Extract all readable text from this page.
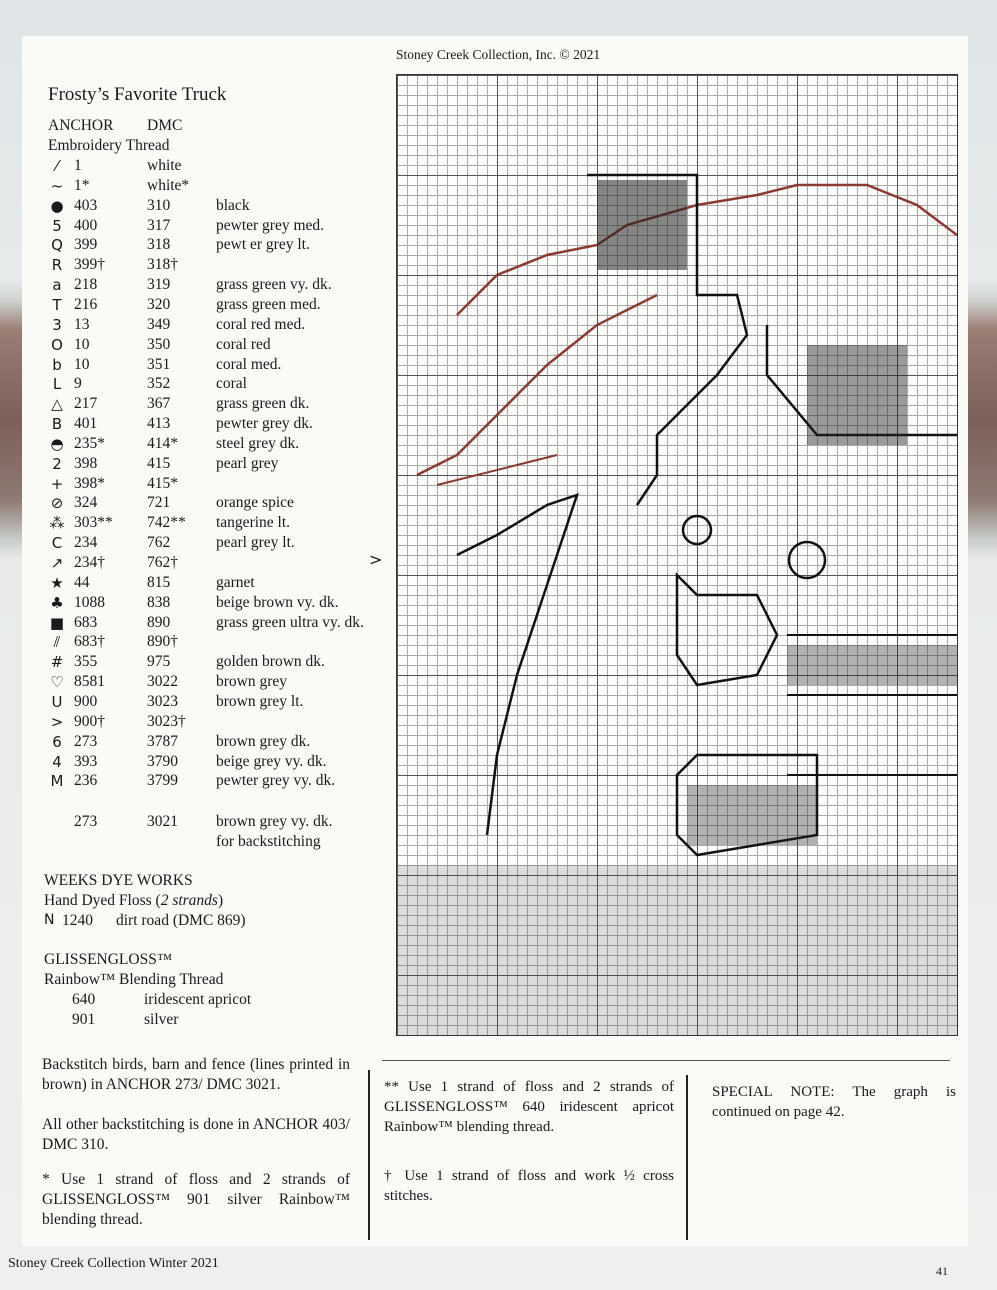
Stoney Creek Collection, Inc. © 2021
Frosty’s Favorite Truck
ANCHOR DMC
Embroidery Thread
⁄	1	white
~ 1*	white*
● 403	310	black
5 400	317	pewter grey med.
Q 399	318	pewt er grey lt.
R 399†	318†
a 218	319	grass green vy. dk.
T 216	320	grass green med.
3 13	349	coral red med.
O 10	350	coral red
b 10	351	coral med.
L 9	352	coral
△ 217	367	grass green dk.
B 401	413	pewter grey dk.
◓ 235*	414* steel grey dk.
2 398	415	pearl grey
+ 398*	415*
⊘ 324	721	orange spice
⁂ 303** 742** tangerine lt.
C 234	762	pearl grey lt.
↗ 234†	762†
★ 44	815	garnet
♣ 1088	838	beige brown vy. dk.
■ 683	890	grass green ultra vy. dk.
⫽ 683†	890†
# 355	975	golden brown dk.
♡ 8581	3022 brown grey
U 900	3023 brown grey lt.
> 900†	3023†
6 273	3787 brown grey dk.
4 393	3790 beige grey vy. dk.
M 236	3799 pewter grey vy. dk.
273	3021 brown grey vy. dk.
for backstitching
WEEKS DYE WORKS
Hand Dyed Floss (2 strands)
N 1240 dirt road (DMC 869)
GLISSENGLOSS™
Rainbow™ Blending Thread
640	iridescent apricot
901	silver
Backstitch birds, barn and fence (lines printed in brown) in ANCHOR 273/ DMC 3021.
All other backstitching is done in ANCHOR 403/ DMC 310.
* Use 1 strand of floss and 2 strands of GLISSENGLOSS™ 901 silver Rainbow™ blending thread.
>
** Use 1 strand of floss and 2 strands of GLISSENGLOSS™ 640 iridescent apricot Rainbow™ blending thread.
† Use 1 strand of floss and work ½ cross stitches.
SPECIAL NOTE: The graph is continued on page 42.
Stoney Creek Collection Winter 2021	41
